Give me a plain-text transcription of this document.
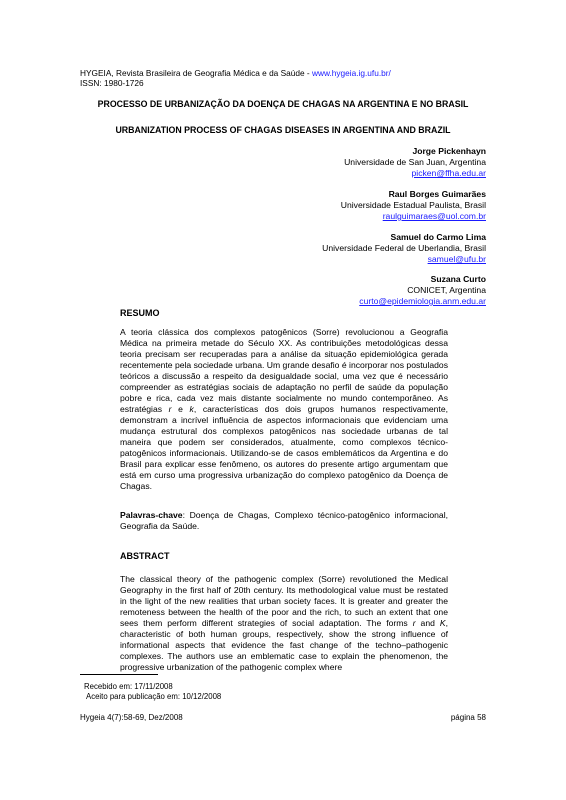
HYGEIA, Revista Brasileira de Geografia Médica e da Saúde - www.hygeia.ig.ufu.br/
ISSN: 1980-1726
PROCESSO DE URBANIZAÇÃO DA DOENÇA DE CHAGAS NA ARGENTINA E NO BRASIL
URBANIZATION PROCESS OF CHAGAS DISEASES IN ARGENTINA AND BRAZIL
Jorge Pickenhayn
Universidade de San Juan, Argentina
picken@ffha.edu.ar
Raul Borges Guimarães
Universidade Estadual Paulista, Brasil
raulguimaraes@uol.com.br
Samuel do Carmo Lima
Universidade Federal de Uberlandia, Brasil
samuel@ufu.br
Suzana Curto
CONICET, Argentina
curto@epidemiologia.anm.edu.ar
RESUMO
A teoria clássica dos complexos patogênicos (Sorre) revolucionou a Geografia Médica na primeira metade do Século XX. As contribuições metodológicas dessa teoria precisam ser recuperadas para a análise da situação epidemiológica gerada recentemente pela sociedade urbana. Um grande desafio é incorporar nos postulados teóricos a discussão a respeito da desigualdade social, uma vez que é necessário compreender as estratégias sociais de adaptação no perfil de saúde da população pobre e rica, cada vez mais distante socialmente no mundo contemporâneo. As estratégias r e k, características dos dois grupos humanos respectivamente, demonstram a incrível influência de aspectos informacionais que evidenciam uma mudança estrutural dos complexos patogênicos nas sociedade urbanas de tal maneira que podem ser considerados, atualmente, como complexos técnico-patogênicos informacionais. Utilizando-se de casos emblemáticos da Argentina e do Brasil para explicar esse fenômeno, os autores do presente artigo argumentam que está em curso uma progressiva urbanização do complexo patogênico da Doença de Chagas.
Palavras-chave: Doença de Chagas, Complexo técnico-patogênico informacional, Geografia da Saúde.
ABSTRACT
The classical theory of the pathogenic complex (Sorre) revolutioned the Medical Geography in the first half of 20th century. Its methodological value must be restated in the light of the new realities that urban society faces. It is greater and greater the remoteness between the health of the poor and the rich, to such an extent that one sees them perform different strategies of social adaptation. The forms r and K, characteristic of both human groups, respectively, show the strong influence of informational aspects that evidence the fast change of the techno–pathogenic complexes. The authors use an emblematic case to explain the phenomenon, the progressive urbanization of the pathogenic complex where
Recebido em: 17/11/2008
Aceito para publicação em: 10/12/2008
Hygeia 4(7):58-69, Dez/2008	página 58
